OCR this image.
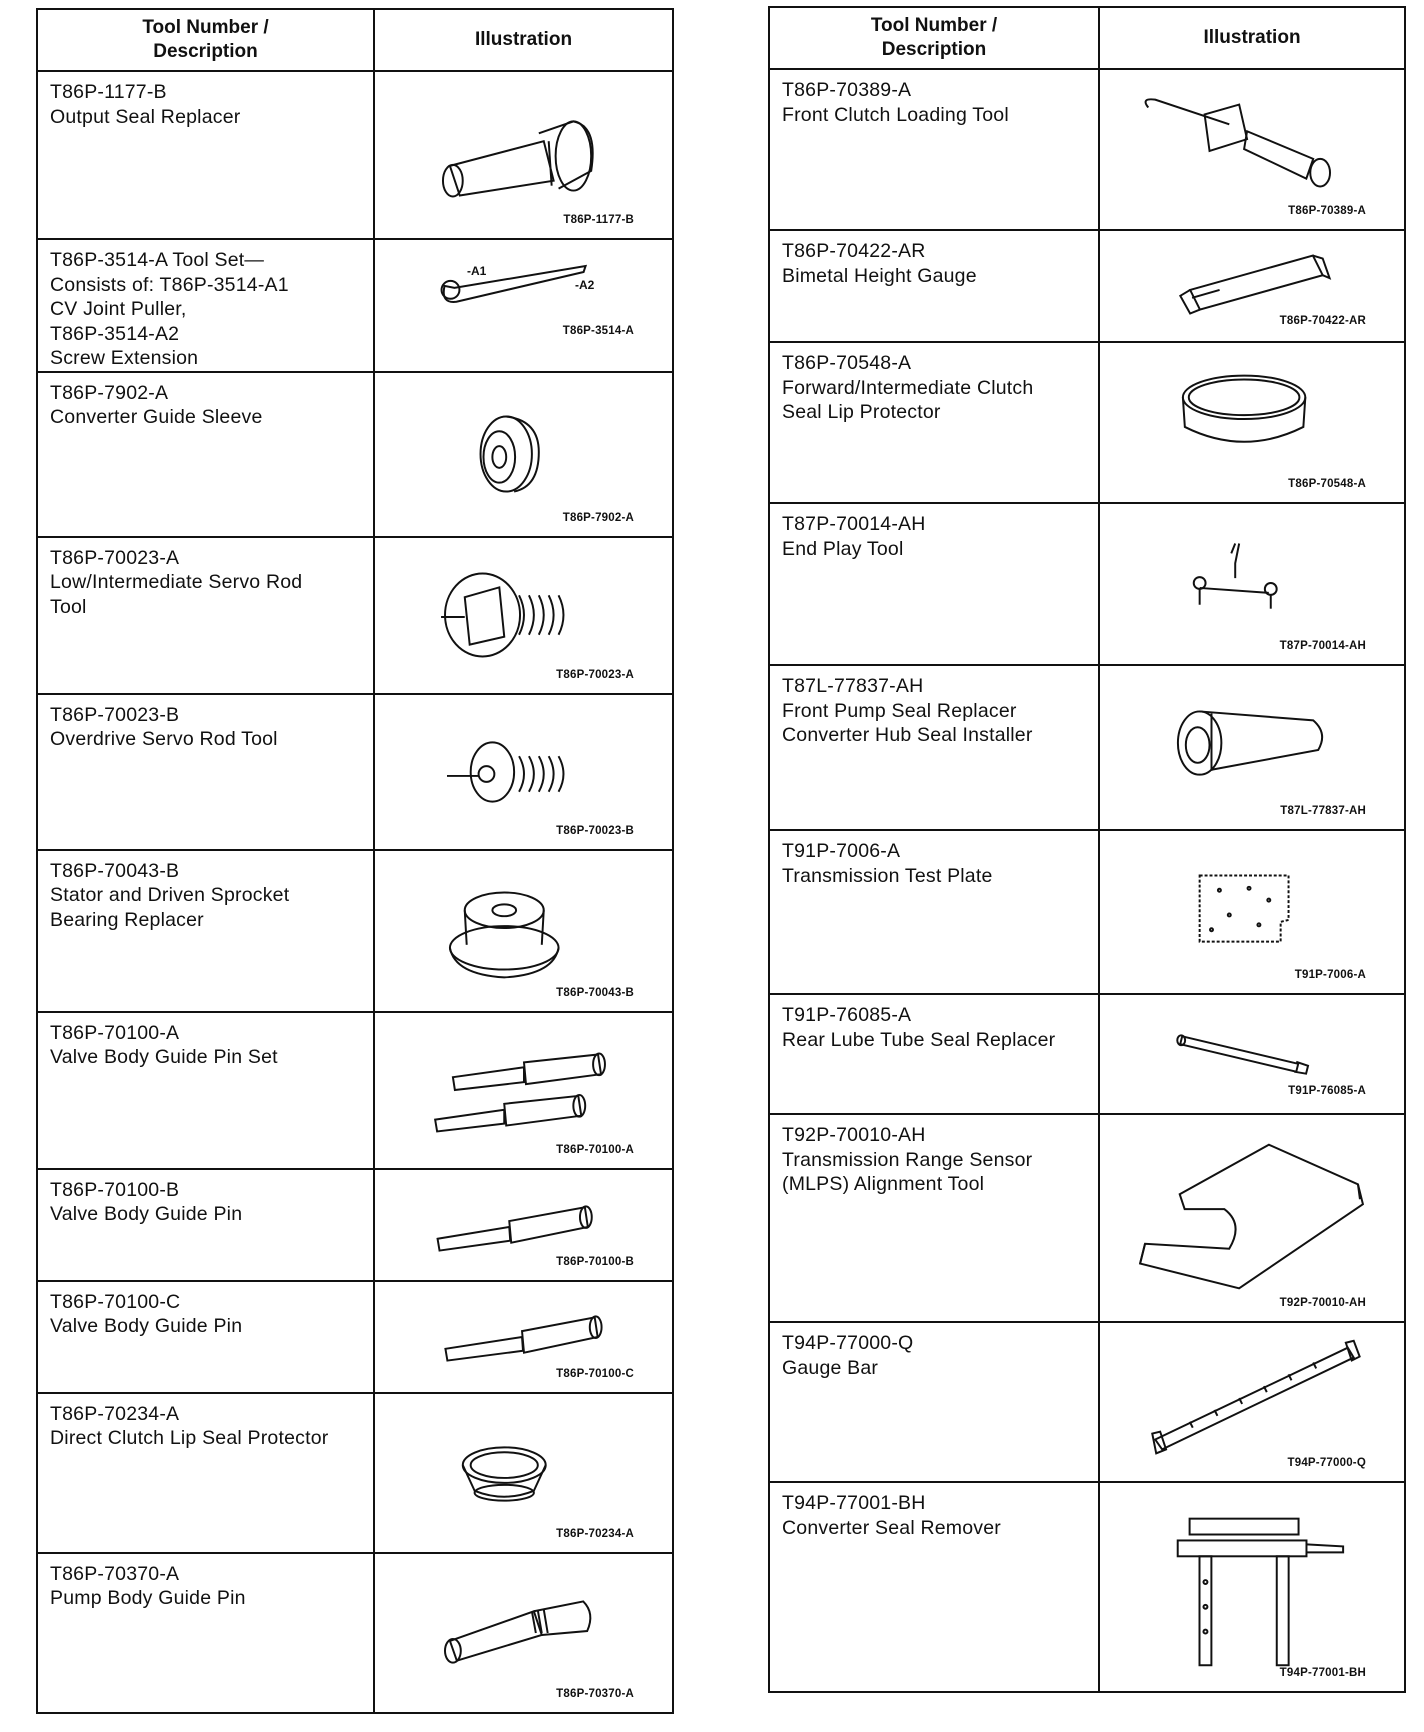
Tool Number /
Description	Illustration

T86P-1177-B
Output Seal Replacer	T86P-1177-B

T86P-3514-A Tool Set—
Consists of: T86P-3514-A1
CV Joint Puller,
T86P-3514-A2
Screw Extension	-A1
-A2
T86P-3514-A

T86P-7902-A
Converter Guide Sleeve	T86P-7902-A

T86P-70023-A
Low/Intermediate Servo Rod
Tool	T86P-70023-A

T86P-70023-B
Overdrive Servo Rod Tool	T86P-70023-B

T86P-70043-B
Stator and Driven Sprocket
Bearing Replacer	T86P-70043-B

T86P-70100-A
Valve Body Guide Pin Set	T86P-70100-A

T86P-70100-B
Valve Body Guide Pin	T86P-70100-B

T86P-70100-C
Valve Body Guide Pin	T86P-70100-C

T86P-70234-A
Direct Clutch Lip Seal Protector	T86P-70234-A

T86P-70370-A
Pump Body Guide Pin	T86P-70370-A
Tool Number /
Description	Illustration

T86P-70389-A
Front Clutch Loading Tool	T86P-70389-A

T86P-70422-AR
Bimetal Height Gauge	T86P-70422-AR

T86P-70548-A
Forward/Intermediate Clutch
Seal Lip Protector	T86P-70548-A

T87P-70014-AH
End Play Tool	T87P-70014-AH

T87L-77837-AH
Front Pump Seal Replacer
Converter Hub Seal Installer	T87L-77837-AH

T91P-7006-A
Transmission Test Plate	T91P-7006-A

T91P-76085-A
Rear Lube Tube Seal Replacer	T91P-76085-A

T92P-70010-AH
Transmission Range Sensor
(MLPS) Alignment Tool	T92P-70010-AH

T94P-77000-Q
Gauge Bar	T94P-77000-Q

T94P-77001-BH
Converter Seal Remover	T94P-77001-BH
